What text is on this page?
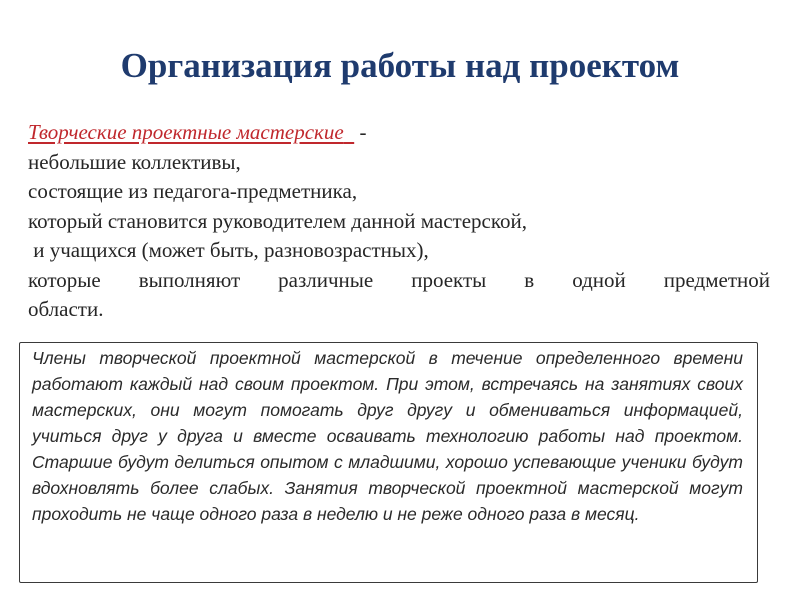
Организация работы над проектом
Творческие проектные мастерские -
небольшие коллективы,
состоящие из педагога-предметника,
который становится руководителем данной мастерской,
и учащихся (может быть, разновозрастных),
которые выполняют различные проекты в одной предметной
области.

Члены творческой проектной мастерской в течение определенного времени работают каждый над своим проектом. При этом, встречаясь на занятиях своих мастерских, они могут помогать друг другу и обмениваться информацией, учиться друг у друга и вместе осваивать технологию работы над проектом. Старшие будут делиться опытом с младшими, хорошо успевающие ученики будут вдохновлять более слабых. Занятия творческой проектной мастерской могут проходить не чаще одного раза в неделю и не реже одного раза в месяц.
